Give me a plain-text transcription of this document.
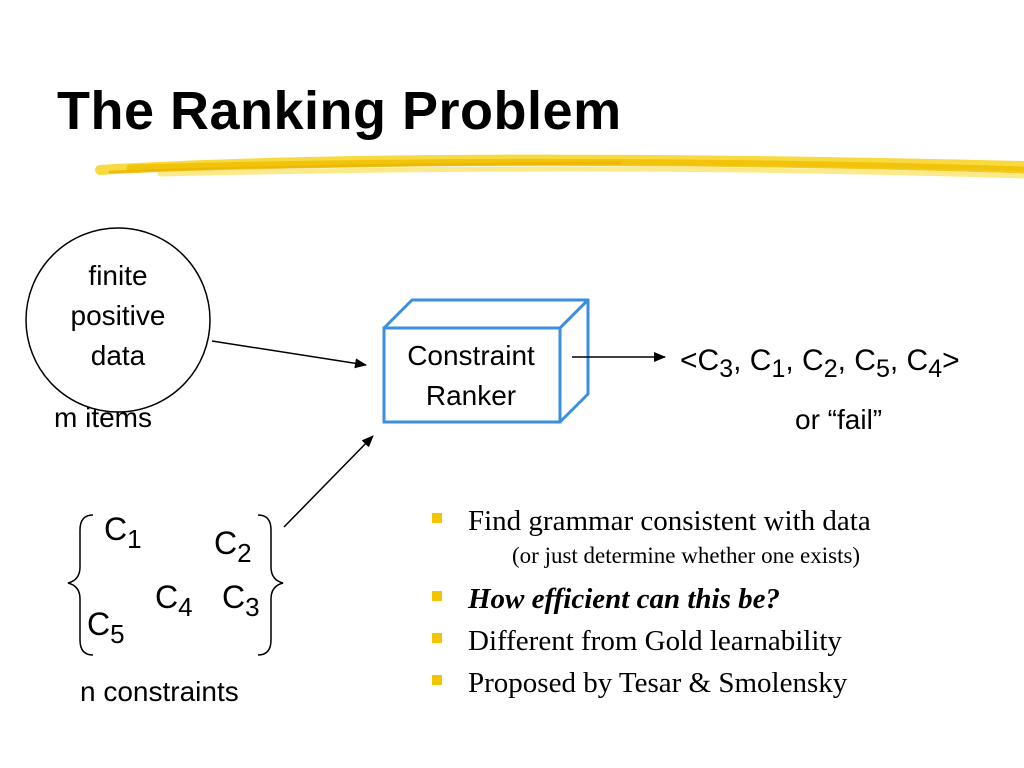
The Ranking Problem
finite
positive
data
m items
Constraint
Ranker
$C_1$ $C_2$
$C_4$ $C_3$
$C_5$
n constraints
$<C_3$, $C_1$, $C_2$, $C_5$, $C_4>$
or “fail”
Find grammar consistent with data
(or just determine whether one exists)
How efficient can this be?
Different from Gold learnability
Proposed by Tesar & Smolensky
